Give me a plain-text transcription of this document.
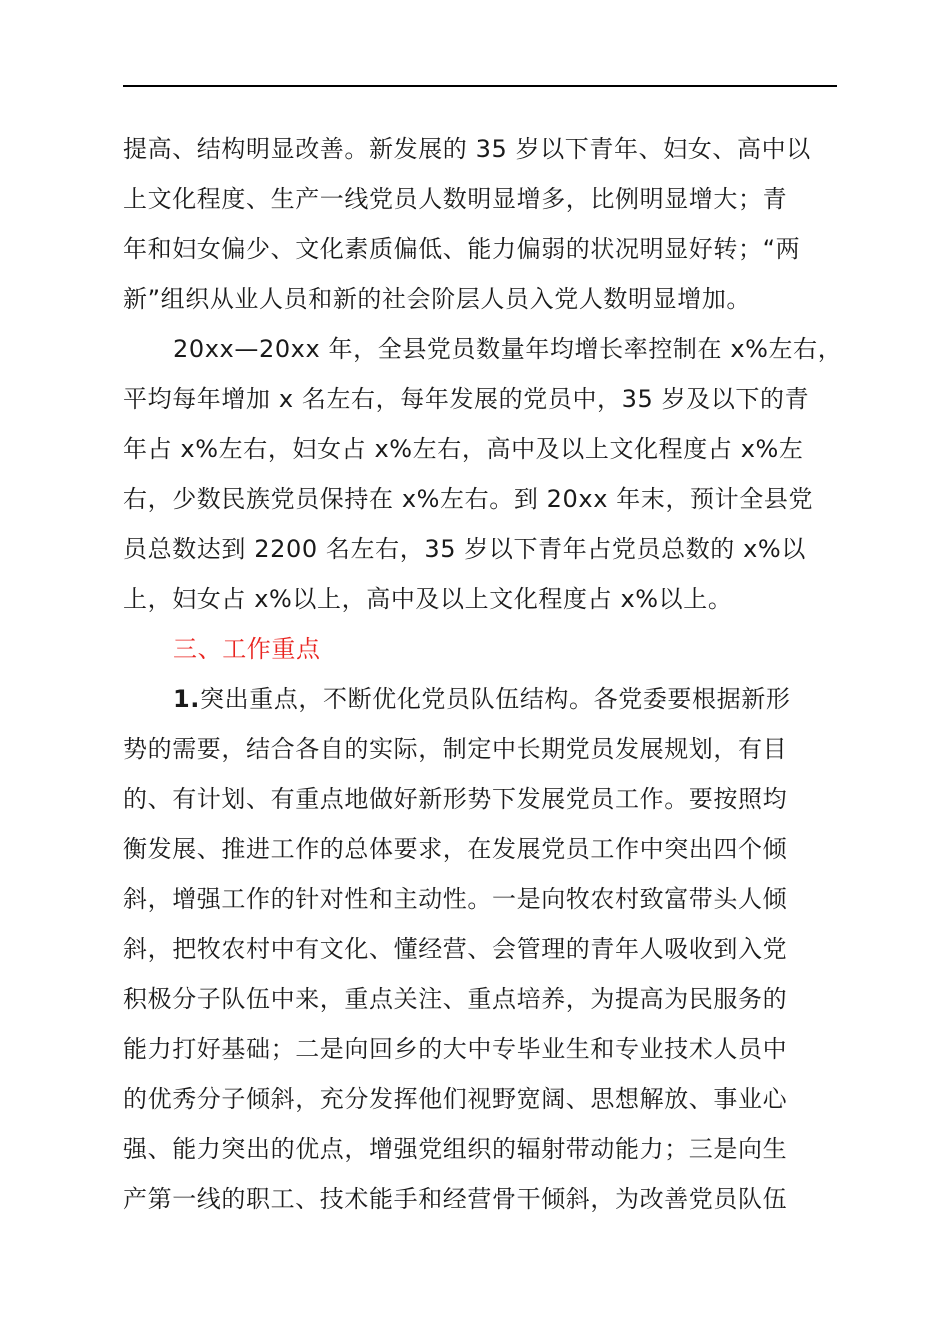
提高、结构明显改善。新发展的 35 岁以下青年、妇女、高中以
上文化程度、生产一线党员人数明显增多，比例明显增大；青
年和妇女偏少、文化素质偏低、能力偏弱的状况明显好转；“两
新”组织从业人员和新的社会阶层人员入党人数明显增加。
20xx—20xx 年，全县党员数量年均增长率控制在 x%左右，
平均每年增加 x 名左右，每年发展的党员中，35 岁及以下的青
年占 x%左右，妇女占 x%左右，高中及以上文化程度占 x%左
右，少数民族党员保持在 x%左右。到 20xx 年末，预计全县党
员总数达到 2200 名左右，35 岁以下青年占党员总数的 x%以
上，妇女占 x%以上，高中及以上文化程度占 x%以上。
三、工作重点
1.突出重点，不断优化党员队伍结构。各党委要根据新形
势的需要，结合各自的实际，制定中长期党员发展规划，有目
的、有计划、有重点地做好新形势下发展党员工作。要按照均
衡发展、推进工作的总体要求，在发展党员工作中突出四个倾
斜，增强工作的针对性和主动性。一是向牧农村致富带头人倾
斜，把牧农村中有文化、懂经营、会管理的青年人吸收到入党
积极分子队伍中来，重点关注、重点培养，为提高为民服务的
能力打好基础；二是向回乡的大中专毕业生和专业技术人员中
的优秀分子倾斜，充分发挥他们视野宽阔、思想解放、事业心
强、能力突出的优点，增强党组织的辐射带动能力；三是向生
产第一线的职工、技术能手和经营骨干倾斜，为改善党员队伍
